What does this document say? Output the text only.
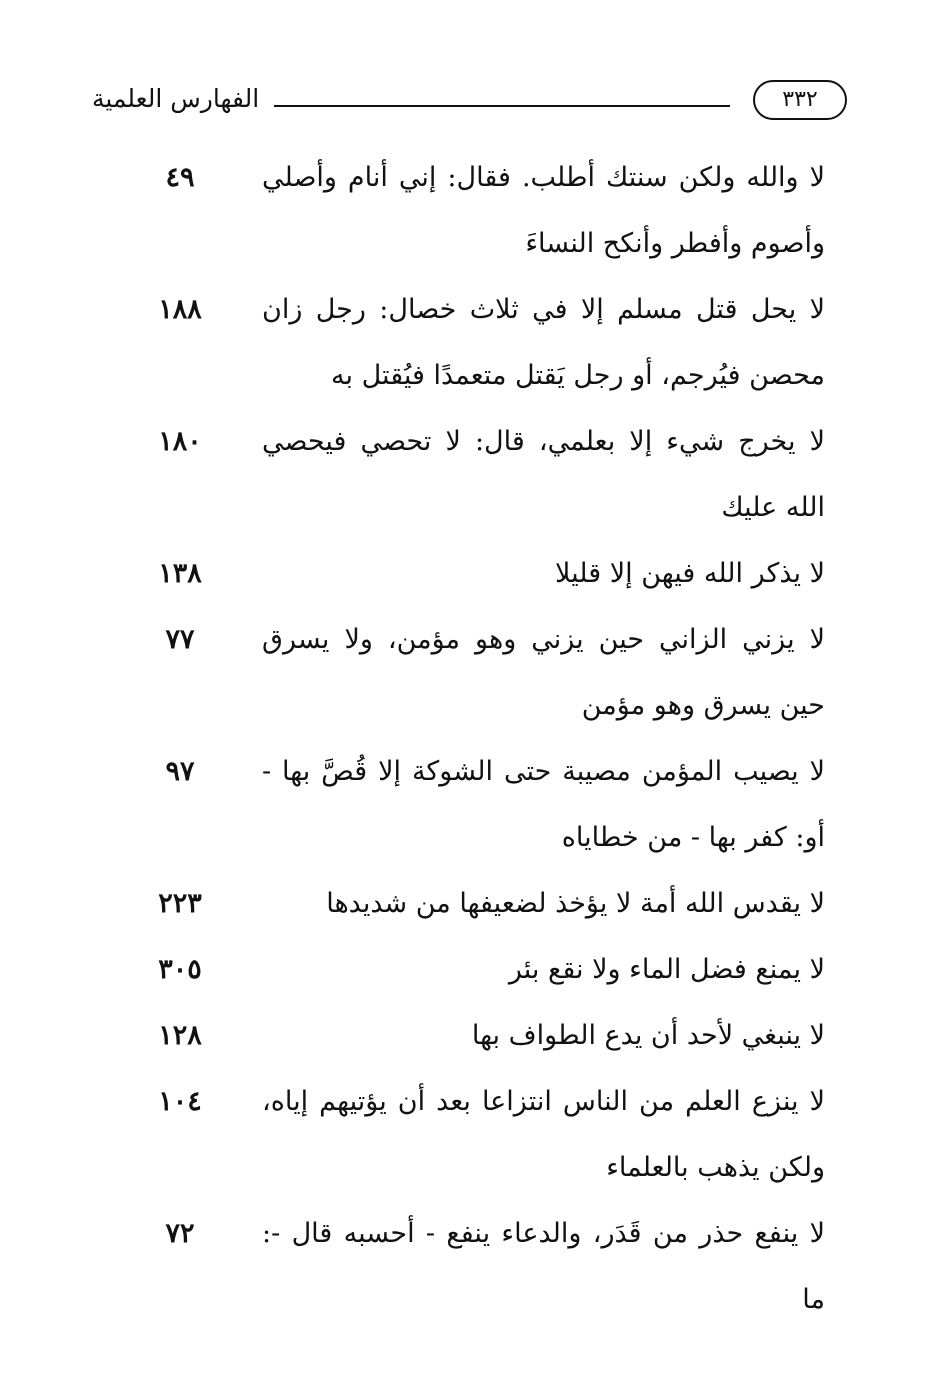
الفهارس العلمية	٣٣٢

لا والله ولكن سنتك أطلب. فقال: إني أنام وأصلي وأصوم وأفطر وأنكح النساءَ

٤٩

لا يحل قتل مسلم إلا في ثلاث خصال: رجل زان محصن فيُرجم، أو رجل يَقتل متعمدًا فيُقتل به

١٨٨

لا يخرج شيء إلا بعلمي، قال: لا تحصي فيحصي الله عليك

١٨٠

لا يذكر الله فيهن إلا قليلا

١٣٨

لا يزني الزاني حين يزني وهو مؤمن، ولا يسرق حين يسرق وهو مؤمن

٧٧

لا يصيب المؤمن مصيبة حتى الشوكة إلا قُصَّ بها - أو: كفر بها - من خطاياه

٩٧

لا يقدس الله أمة لا يؤخذ لضعيفها من شديدها

٢٢٣

لا يمنع فضل الماء ولا نقع بئر

٣٠٥

لا ينبغي لأحد أن يدع الطواف بها

١٢٨

لا ينزع العلم من الناس انتزاعا بعد أن يؤتيهم إياه، ولكن يذهب بالعلماء

١٠٤

لا ينفع حذر من قَدَر، والدعاء ينفع - أحسبه قال -: ما

٧٢
